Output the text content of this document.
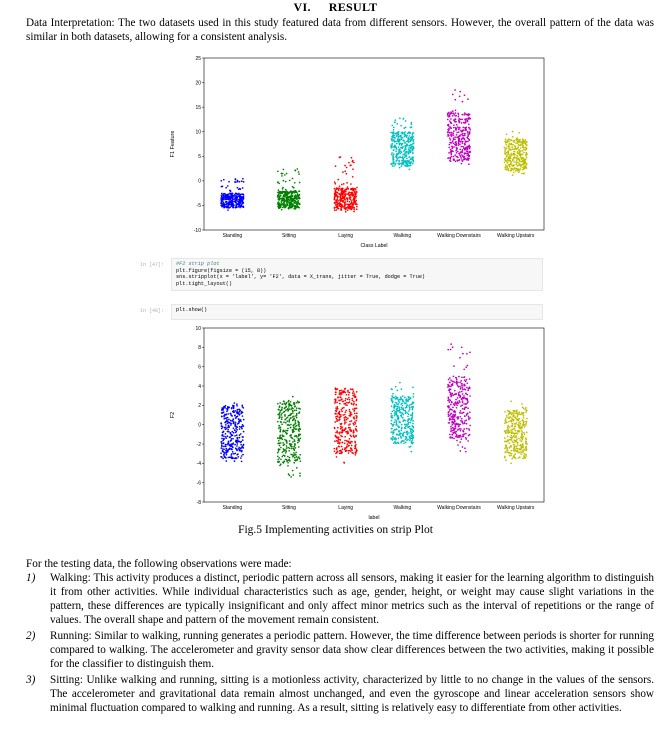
VI. RESULT
Data Interpretation: The two datasets used in this study featured data from different sensors. However, the overall pattern of the data was similar in both datasets, allowing for a consistent analysis.
-10
-5
0
5
10
15
20
25
Standing	Sitting	Laying	Walking	Walking Downstairs	Walking Upstairs
Class Label
F1 Feature
In [47]: #F2 strip plot
plt.figure(figsize = (15, 8))
sns.stripplot(x = 'label', y= 'F2', data = X_trans, jitter = True, dodge = True)
plt.tight_layout()
In [48]: plt.show()
-8
-6
-4
-2
0
2
4
6
8
10
Standing	Sitting	Laying	Walking	Walking Downstairs	Walking Upstairs
label
F2
Fig.5 Implementing activities on strip Plot
For the testing data, the following observations were made:
1) Walking: This activity produces a distinct, periodic pattern across all sensors, making it easier for the learning algorithm to distinguish it from other activities. While individual characteristics such as age, gender, height, or weight may cause slight variations in the pattern, these differences are typically insignificant and only affect minor metrics such as the interval of repetitions or the range of values. The overall shape and pattern of the movement remain consistent.
2) Running: Similar to walking, running generates a periodic pattern. However, the time difference between periods is shorter for running compared to walking. The accelerometer and gravity sensor data show clear differences between the two activities, making it possible for the classifier to distinguish them.
3) Sitting: Unlike walking and running, sitting is a motionless activity, characterized by little to no change in the values of the sensors. The accelerometer and gravitational data remain almost unchanged, and even the gyroscope and linear acceleration sensors show minimal fluctuation compared to walking and running. As a result, sitting is relatively easy to differentiate from other activities.
